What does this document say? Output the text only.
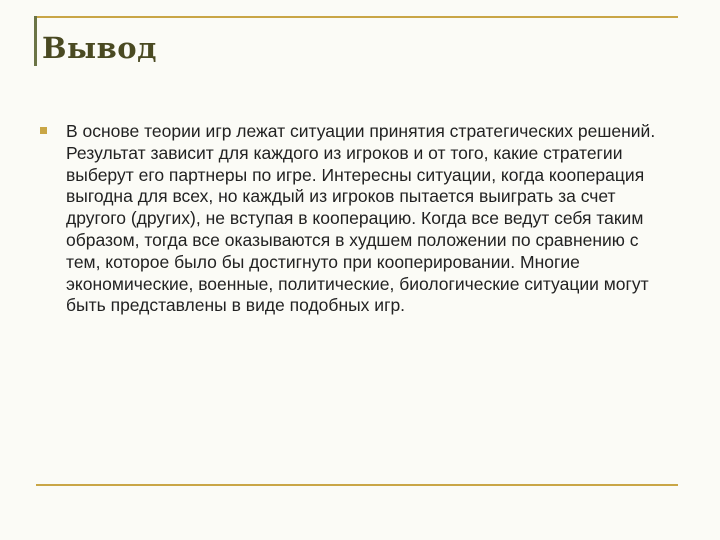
Вывод

В основе теории игр лежат ситуации принятия стратегических решений. Результат зависит для каждого из игроков и от того, какие стратегии выберут его партнеры по игре. Интересны ситуации, когда кооперация выгодна для всех, но каждый из игроков пытается выиграть за счет другого (других), не вступая в кооперацию. Когда все ведут себя таким образом, тогда все оказываются в худшем положении по сравнению с тем, которое было бы достигнуто при кооперировании. Многие экономические, военные, политические, биологические ситуации могут быть представлены в виде подобных игр.
